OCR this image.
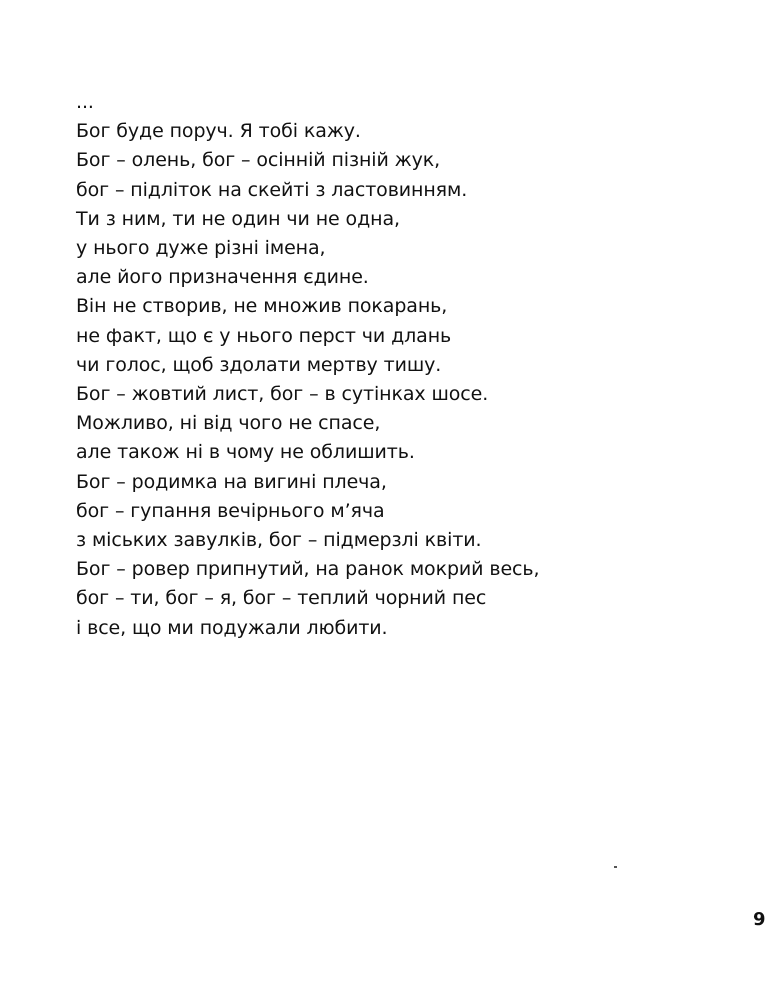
...
Бог буде поруч. Я тобі кажу.
Бог – олень, бог – осінній пізній жук,
бог – підліток на скейті з ластовинням.
Ти з ним, ти не один чи не одна,
у нього дуже різні імена,
але його призначення єдине.
Він не створив, не множив покарань,
не факт, що є у нього перст чи длань
чи голос, щоб здолати мертву тишу.
Бог – жовтий лист, бог – в сутінках шосе.
Можливо, ні від чого не спасе,
але також ні в чому не облишить.
Бог – родимка на вигині плеча,
бог – гупання вечірнього м’яча
з міських завулків, бог – підмерзлі квіти.
Бог – ровер припнутий, на ранок мокрий весь,
бог – ти, бог – я, бог – теплий чорний пес
і все, що ми подужали любити.
9
